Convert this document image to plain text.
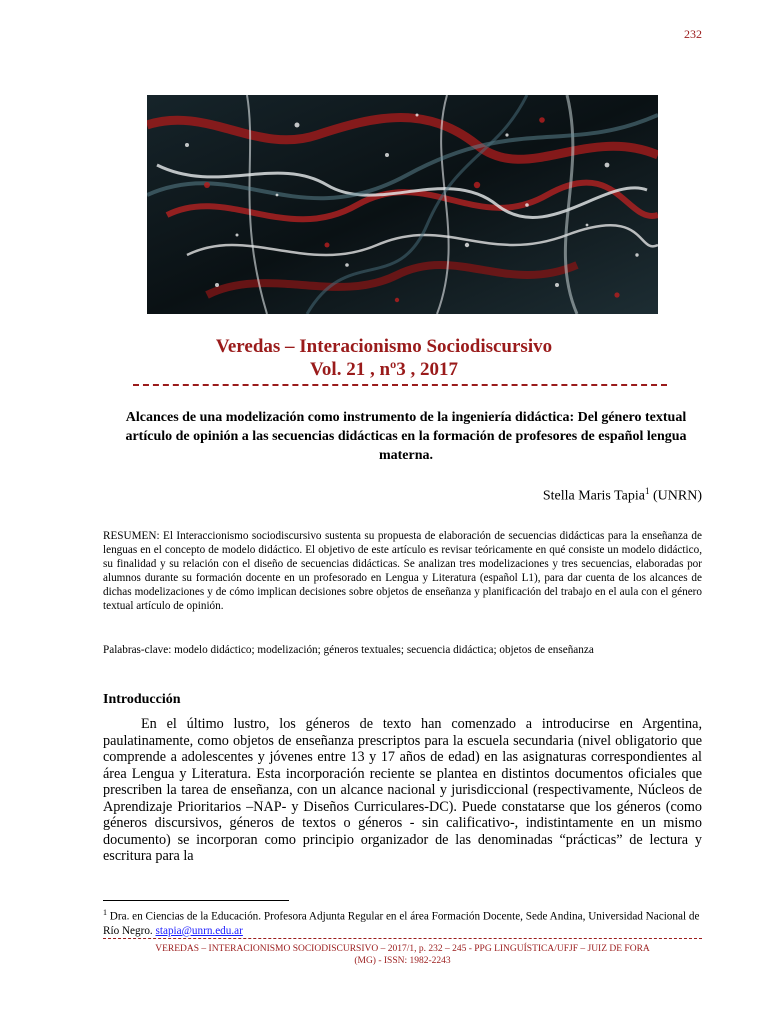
232
Veredas – Interacionismo Sociodiscursivo
Vol. 21 , nº3 , 2017

Alcances de una modelización como instrumento de la ingeniería didáctica: Del género textual artículo de opinión a las secuencias didácticas en la formación de profesores de español lengua materna.

Stella Maris Tapia$^1$ (UNRN)

RESUMEN: El Interaccionismo sociodiscursivo sustenta su propuesta de elaboración de secuencias didácticas para la enseñanza de lenguas en el concepto de modelo didáctico. El objetivo de este artículo es revisar teóricamente en qué consiste un modelo didáctico, su finalidad y su relación con el diseño de secuencias didácticas. Se analizan tres modelizaciones y tres secuencias, elaboradas por alumnos durante su formación docente en un profesorado en Lengua y Literatura (español L1), para dar cuenta de los alcances de dichas modelizaciones y de cómo implican decisiones sobre objetos de enseñanza y planificación del trabajo en el aula con el género textual artículo de opinión.

Palabras-clave: modelo didáctico; modelización; géneros textuales; secuencia didáctica; objetos de enseñanza

Introducción

En el último lustro, los géneros de texto han comenzado a introducirse en Argentina, paulatinamente, como objetos de enseñanza prescriptos para la escuela secundaria (nivel obligatorio que comprende a adolescentes y jóvenes entre 13 y 17 años de edad) en las asignaturas correspondientes al área Lengua y Literatura. Esta incorporación reciente se plantea en distintos documentos oficiales que prescriben la tarea de enseñanza, con un alcance nacional y jurisdiccional (respectivamente, Núcleos de Aprendizaje Prioritarios –NAP- y Diseños Curriculares-DC). Puede constatarse que los géneros (como géneros discursivos, géneros de textos o géneros - sin calificativo-, indistintamente en un mismo documento) se incorporan como principio organizador de las denominadas “prácticas” de lectura y escritura para la

$^1$ Dra. en Ciencias de la Educación. Profesora Adjunta Regular en el área Formación Docente, Sede Andina, Universidad Nacional de Río Negro. stapia@unrn.edu.ar

VEREDAS – INTERACIONISMO SOCIODISCURSIVO – 2017/1, p. 232 – 245 - PPG LINGUÍSTICA/UFJF – JUIZ DE FORA
(MG) - ISSN: 1982-2243
